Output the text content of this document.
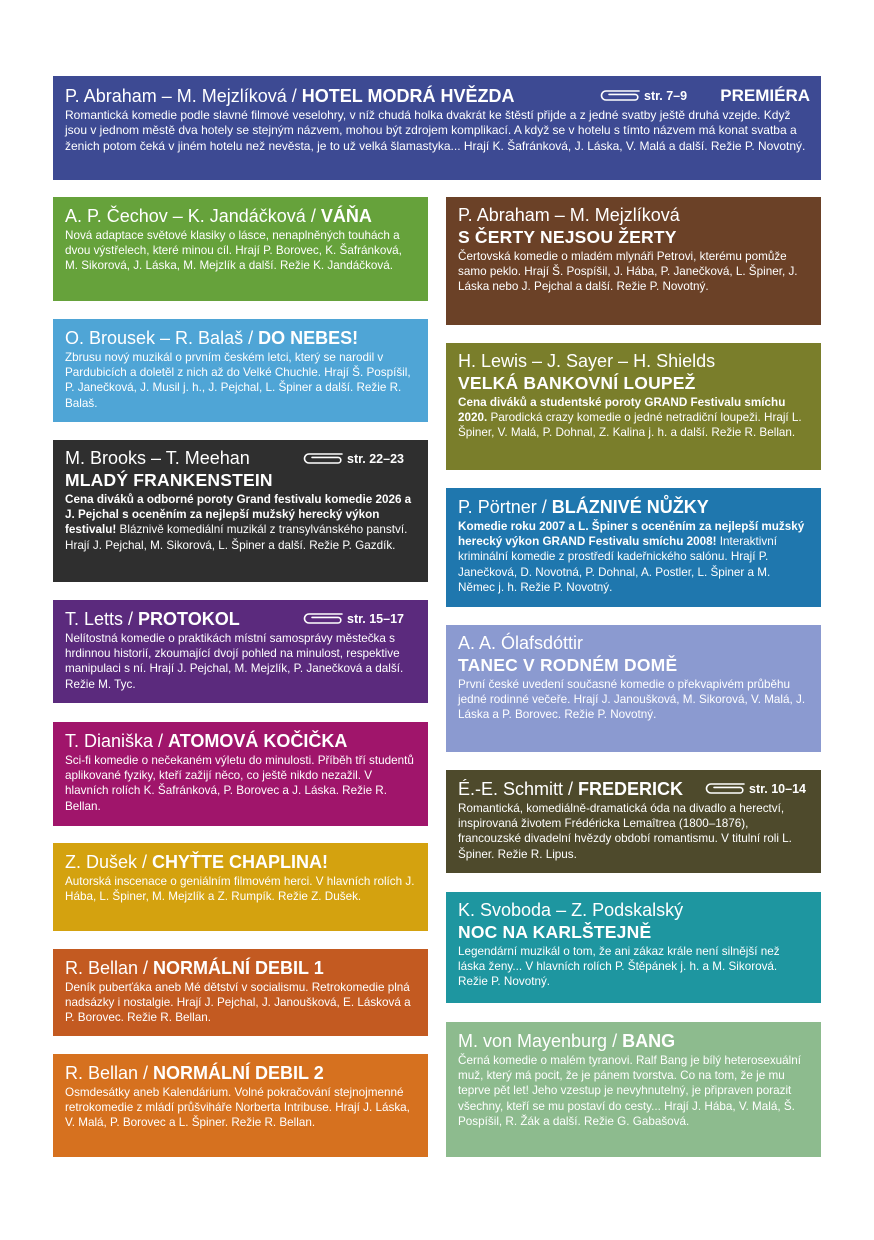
P. Abraham – M. Mejzlíková / HOTEL MODRÁ HVĚZDA	str. 7–9 PREMIÉRA
Romantická komedie podle slavné filmové veselohry, v níž chudá holka dvakrát ke štěstí přijde a z jedné svatby ještě druhá vzejde. Když jsou v jednom městě dva hotely se stejným názvem, mohou být zdrojem komplikací. A když se v hotelu s tímto názvem má konat svatba a ženich potom čeká v jiném hotelu než nevěsta, je to už velká šlamastyka... Hrají K. Šafránková, J. Láska, V. Malá a další. Režie P. Novotný.
A. P. Čechov – K. Jandáčková / VÁŇA
Nová adaptace světové klasiky o lásce, nenaplněných touhách a dvou výstřelech, které minou cíl. Hrají P. Borovec, K. Šafránková, M. Sikorová, J. Láska, M. Mejzlík a další. Režie K. Jandáčková.
O. Brousek – R. Balaš / DO NEBES!
Zbrusu nový muzikál o prvním českém letci, který se narodil v Pardubicích a doletěl z nich až do Velké Chuchle. Hrají Š. Pospíšil, P. Janečková, J. Musil j. h., J. Pejchal, L. Špiner a další. Režie R. Balaš.
M. Brooks – T. Meehan	str. 22–23
MLADÝ FRANKENSTEIN
Cena diváků a odborné poroty Grand festivalu komedie 2026 a J. Pejchal s oceněním za nejlepší mužský herecký výkon festivalu! Bláznivě komediální muzikál z transylvánského panství. Hrají J. Pejchal, M. Sikorová, L. Špiner a další. Režie P. Gazdík.
T. Letts / PROTOKOL	str. 15–17
Nelítostná komedie o praktikách místní samosprávy městečka s hrdinnou historií, zkoumající dvojí pohled na minulost, respektive manipulaci s ní. Hrají J. Pejchal, M. Mejzlík, P. Janečková a další. Režie M. Tyc.
T. Dianiška / ATOMOVÁ KOČIČKA
Sci-fi komedie o nečekaném výletu do minulosti. Příběh tří studentů aplikované fyziky, kteří zažijí něco, co ještě nikdo nezažil. V hlavních rolích K. Šafránková, P. Borovec a J. Láska. Režie R. Bellan.
Z. Dušek / CHYŤTE CHAPLINA!
Autorská inscenace o geniálním filmovém herci. V hlavních rolích J. Hába, L. Špiner, M. Mejzlík a Z. Rumpík. Režie Z. Dušek.
R. Bellan / NORMÁLNÍ DEBIL 1
Deník puberťáka aneb Mé dětství v socialismu. Retrokomedie plná nadsázky i nostalgie. Hrají J. Pejchal, J. Janoušková, E. Lásková a P. Borovec. Režie R. Bellan.
R. Bellan / NORMÁLNÍ DEBIL 2
Osmdesátky aneb Kalendárium. Volné pokračování stejnojmenné retrokomedie z mládí průšviháře Norberta Intribuse. Hrají J. Láska, V. Malá, P. Borovec a L. Špiner. Režie R. Bellan.
P. Abraham – M. Mejzlíková
S ČERTY NEJSOU ŽERTY
Čertovská komedie o mladém mlynáři Petrovi, kterému pomůže samo peklo. Hrají Š. Pospíšil, J. Hába, P. Janečková, L. Špiner, J. Láska nebo J. Pejchal a další. Režie P. Novotný.
H. Lewis – J. Sayer – H. Shields
VELKÁ BANKOVNÍ LOUPEŽ
Cena diváků a studentské poroty GRAND Festivalu smíchu 2020. Parodická crazy komedie o jedné netradiční loupeži. Hrají L. Špiner, V. Malá, P. Dohnal, Z. Kalina j. h. a další. Režie R. Bellan.
P. Pörtner / BLÁZNIVÉ NŮŽKY
Komedie roku 2007 a L. Špiner s oceněním za nejlepší mužský herecký výkon GRAND Festivalu smíchu 2008! Interaktivní kriminální komedie z prostředí kadeřnického salónu. Hrají P. Janečková, D. Novotná, P. Dohnal, A. Postler, L. Špiner a M. Němec j. h. Režie P. Novotný.
A. A. Ólafsdóttir
TANEC V RODNÉM DOMĚ
První české uvedení současné komedie o překvapivém průběhu jedné rodinné večeře. Hrají J. Janoušková, M. Sikorová, V. Malá, J. Láska a P. Borovec. Režie P. Novotný.
É.-E. Schmitt / FREDERICK	str. 10–14
Romantická, komediálně-dramatická óda na divadlo a herectví, inspirovaná životem Frédéricka Lemaîtrea (1800–1876), francouzské divadelní hvězdy období romantismu. V titulní roli L. Špiner. Režie R. Lipus.
K. Svoboda – Z. Podskalský
NOC NA KARLŠTEJNĚ
Legendární muzikál o tom, že ani zákaz krále není silnější než láska ženy... V hlavních rolích P. Štěpánek j. h. a M. Sikorová. Režie P. Novotný.
M. von Mayenburg / BANG
Černá komedie o malém tyranovi. Ralf Bang je bílý heterosexuální muž, který má pocit, že je pánem tvorstva. Co na tom, že je mu teprve pět let! Jeho vzestup je nevyhnutelný, je připraven porazit všechny, kteří se mu postaví do cesty... Hrají J. Hába, V. Malá, Š. Pospíšil, R. Žák a další. Režie G. Gabašová.
